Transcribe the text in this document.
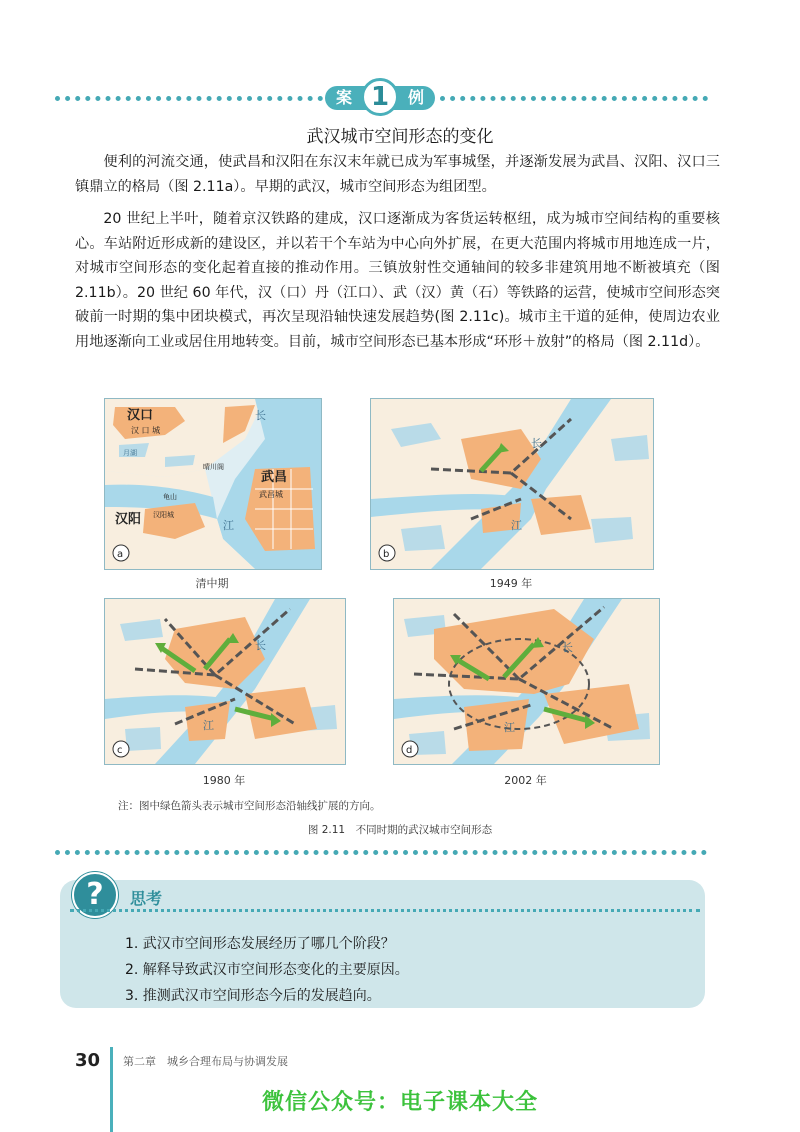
案	例
1
武汉城市空间形态的变化

便利的河流交通，使武昌和汉阳在东汉末年就已成为军事城堡，并逐渐发展为武昌、汉阳、汉口三镇鼎立的格局（图 2.11a）。早期的武汉，城市空间形态为组团型。

20 世纪上半叶，随着京汉铁路的建成，汉口逐渐成为客货运转枢纽，成为城市空间结构的重要核心。车站附近形成新的建设区，并以若干个车站为中心向外扩展，在更大范围内将城市用地连成一片，对城市空间形态的变化起着直接的推动作用。三镇放射性交通轴间的较多非建筑用地不断被填充（图 2.11b）。20 世纪 60 年代，汉（口）丹（江口）、武（汉）黄（石）等铁路的运营，使城市空间形态突破前一时期的集中团块模式，再次呈现沿轴快速发展趋势(图 2.11c)。城市主干道的延伸，使周边农业用地逐渐向工业或居住用地转变。目前，城市空间形态已基本形成“环形＋放射”的格局（图 2.11d）。

汉口
汉 口 城
月湖
晴川阁
长
武昌
武昌城
江
龟山
汉阳城
汉阳
a
长
江
b
清中期	1949 年
长
江
c
长
江
d
1980 年	2002 年
注：图中绿色箭头表示城市空间形态沿轴线扩展的方向。
图 2.11　不同时期的武汉城市空间形态
?	思考
1. 武汉市空间形态发展经历了哪几个阶段？
2. 解释导致武汉市空间形态变化的主要原因。
3. 推测武汉市空间形态今后的发展趋向。
30 第二章　城乡合理布局与协调发展
微信公众号：电子课本大全
